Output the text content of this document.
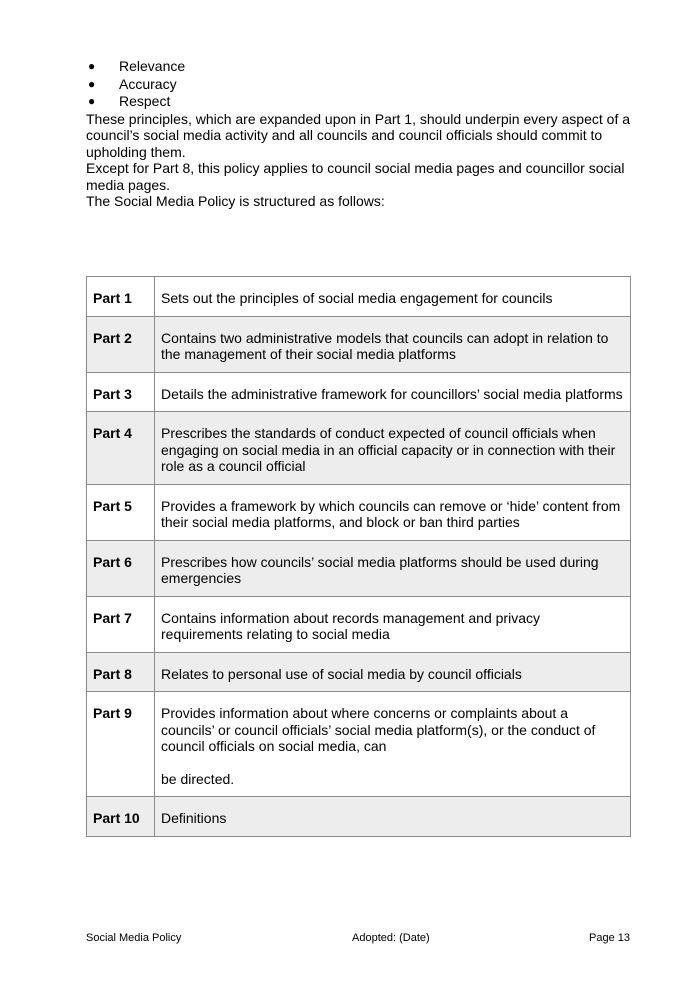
● Relevance
● Accuracy
● Respect

These principles, which are expanded upon in Part 1, should underpin every aspect of a council’s social media activity and all councils and council officials should commit to upholding them.

Except for Part 8, this policy applies to council social media pages and councillor social media pages.

The Social Media Policy is structured as follows:

Part 1	Sets out the principles of social media engagement for councils
Part 2	Contains two administrative models that councils can adopt in relation to the management of their social media platforms
Part 3	Details the administrative framework for councillors’ social media platforms
Part 4	Prescribes the standards of conduct expected of council officials when engaging on social media in an official capacity or in connection with their role as a council official
Part 5	Provides a framework by which councils can remove or ‘hide’ content from their social media platforms, and block or ban third parties
Part 6	Prescribes how councils’ social media platforms should be used during emergencies
Part 7	Contains information about records management and privacy requirements relating to social media
Part 8	Relates to personal use of social media by council officials
Part 9	Provides information about where concerns or complaints about a councils’ or council officials’ social media platform(s), or the conduct of council officials on social media, can
be directed.

Part 10	Definitions
Social Media Policy	Adopted: (Date)	Page 13
